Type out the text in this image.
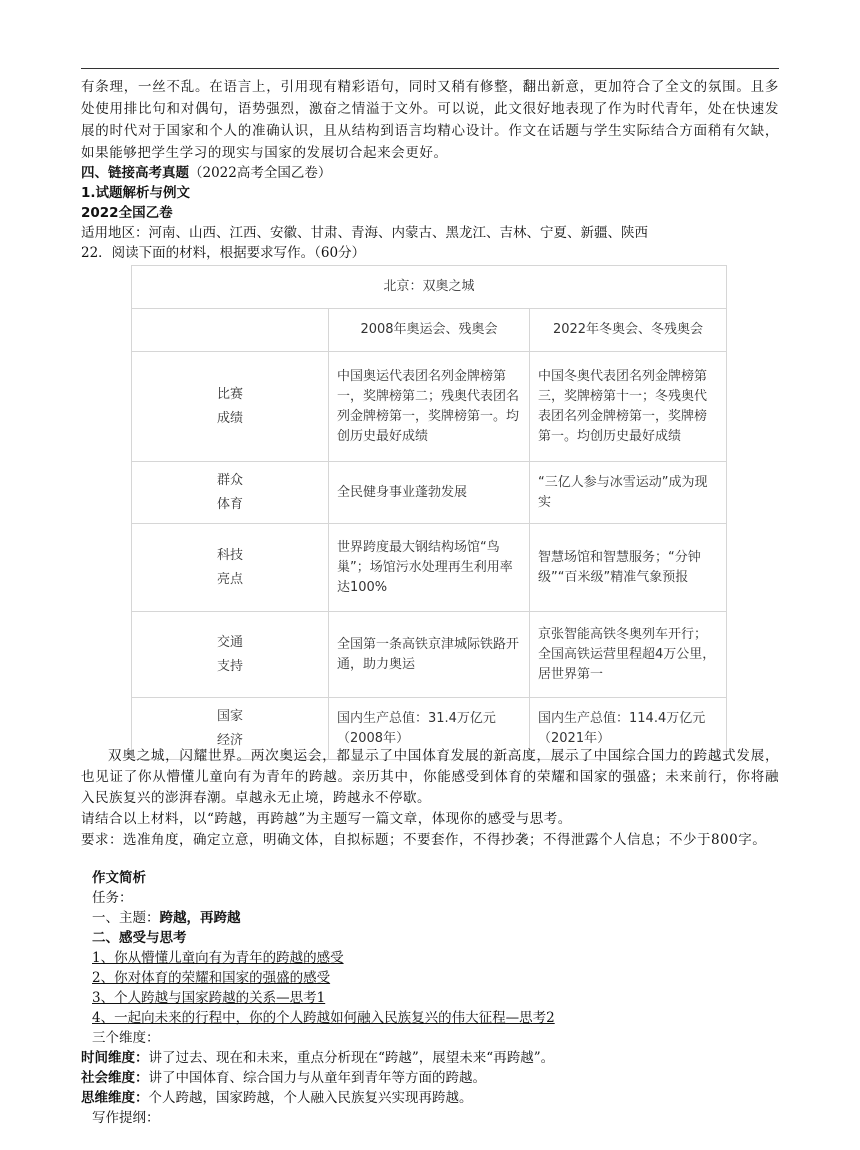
有条理，一丝不乱。在语言上，引用现有精彩语句，同时又稍有修整，翻出新意，更加符合了全文的氛围。且多处使用排比句和对偶句，语势强烈，激奋之情溢于文外。可以说，此文很好地表现了作为时代青年，处在快速发展的时代对于国家和个人的准确认识，且从结构到语言均精心设计。作文在话题与学生实际结合方面稍有欠缺，如果能够把学生学习的现实与国家的发展切合起来会更好。

四、链接高考真题（2022高考全国乙卷）
1.试题解析与例文
2022全国乙卷
适用地区：河南、山西、江西、安徽、甘肃、青海、内蒙古、黑龙江、吉林、宁夏、新疆、陕西
22．阅读下面的材料，根据要求写作。（60分）
北京：双奥之城		
	2008年奥运会、残奥会	2022年冬奥会、冬残奥会
比赛
成绩	中国奥运代表团名列金牌榜第一，奖牌榜第二；残奥代表团名列金牌榜第一，奖牌榜第一。均创历史最好成绩	中国冬奥代表团名列金牌榜第三，奖牌榜第十一；冬残奥代表团名列金牌榜第一，奖牌榜第一。均创历史最好成绩
群众
体育	全民健身事业蓬勃发展	“三亿人参与冰雪运动”成为现实
科技
亮点	世界跨度最大钢结构场馆“鸟巢”；场馆污水处理再生利用率达100%	智慧场馆和智慧服务；“分钟级”“百米级”精准气象预报
交通
支持	全国第一条高铁京津城际铁路开通，助力奥运	京张智能高铁冬奥列车开行；全国高铁运营里程超4万公里，居世界第一
国家
经济	国内生产总值：31.4万亿元（2008年）	国内生产总值：114.4万亿元（2021年）
双奥之城，闪耀世界。两次奥运会，都显示了中国体育发展的新高度，展示了中国综合国力的跨越式发展，也见证了你从懵懂儿童向有为青年的跨越。亲历其中，你能感受到体育的荣耀和国家的强盛；未来前行，你将融入民族复兴的澎湃春潮。卓越永无止境，跨越永不停歇。
请结合以上材料，以“跨越，再跨越”为主题写一篇文章，体现你的感受与思考。
要求：选准角度，确定立意，明确文体，自拟标题；不要套作，不得抄袭；不得泄露个人信息；不少于800字。
作文简析
任务：
一、主题：跨越，再跨越
二、感受与思考
1、你从懵懂儿童向有为青年的跨越的感受
2、你对体育的荣耀和国家的强盛的感受
3、个人跨越与国家跨越的关系—思考1
4、一起向未来的行程中，你的个人跨越如何融入民族复兴的伟大征程—思考2
三个维度：
时间维度：讲了过去、现在和未来，重点分析现在“跨越”，展望未来“再跨越”。
社会维度：讲了中国体育、综合国力与从童年到青年等方面的跨越。
思维维度：个人跨越，国家跨越，个人融入民族复兴实现再跨越。
写作提纲：
